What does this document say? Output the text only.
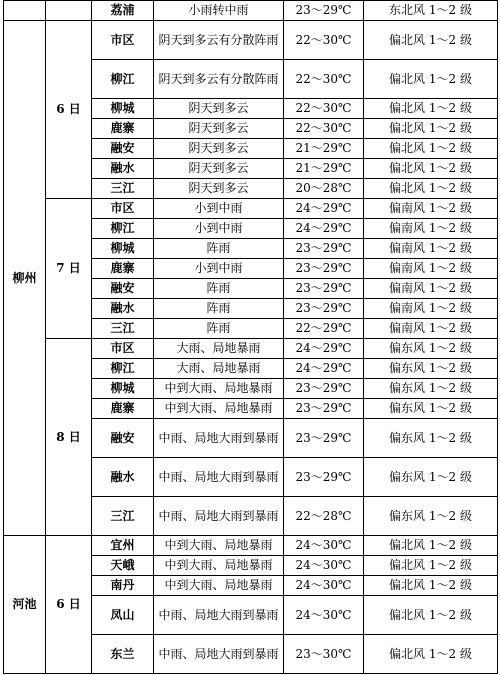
		荔浦	小雨转中雨	23～29℃	东北风 1～2 级
柳州	6 日	市区	阴天到多云有分散阵雨	22～30℃	偏北风 1～2 级
		柳江	阴天到多云有分散阵雨	22～30℃	偏北风 1～2 级
		柳城	阴天到多云	22～30℃	偏北风 1～2 级
		鹿寨	阴天到多云	22～30℃	偏北风 1～2 级
		融安	阴天到多云	21～29℃	偏北风 1～2 级
		融水	阴天到多云	21～29℃	偏北风 1～2 级
		三江	阴天到多云	20～28℃	偏北风 1～2 级
	7 日	市区	小到中雨	24～29℃	偏南风 1～2 级
		柳江	小到中雨	24～29℃	偏南风 1～2 级
		柳城	阵雨	23～29℃	偏南风 1～2 级
		鹿寨	小到中雨	23～29℃	偏南风 1～2 级
		融安	阵雨	23～29℃	偏南风 1～2 级
		融水	阵雨	23～29℃	偏南风 1～2 级
		三江	阵雨	22～29℃	偏南风 1～2 级
	8 日	市区	大雨、局地暴雨	24～29℃	偏东风 1～2 级
		柳江	大雨、局地暴雨	24～29℃	偏东风 1～2 级
		柳城	中到大雨、局地暴雨	23～29℃	偏东风 1～2 级
		鹿寨	中到大雨、局地暴雨	23～29℃	偏东风 1～2 级
		融安	中雨、局地大雨到暴雨	23～29℃	偏东风 1～2 级
		融水	中雨、局地大雨到暴雨	23～29℃	偏东风 1～2 级
		三江	中雨、局地大雨到暴雨	22～28℃	偏东风 1～2 级
河池	6 日	宜州	中到大雨、局地暴雨	24～30℃	偏北风 1～2 级
		天峨	中到大雨、局地暴雨	24～30℃	偏北风 1～2 级
		南丹	中到大雨、局地暴雨	24～30℃	偏北风 1～2 级
		凤山	中雨、局地大雨到暴雨	24～30℃	偏北风 1～2 级
		东兰	中雨、局地大雨到暴雨	23～30℃	偏北风 1～2 级
